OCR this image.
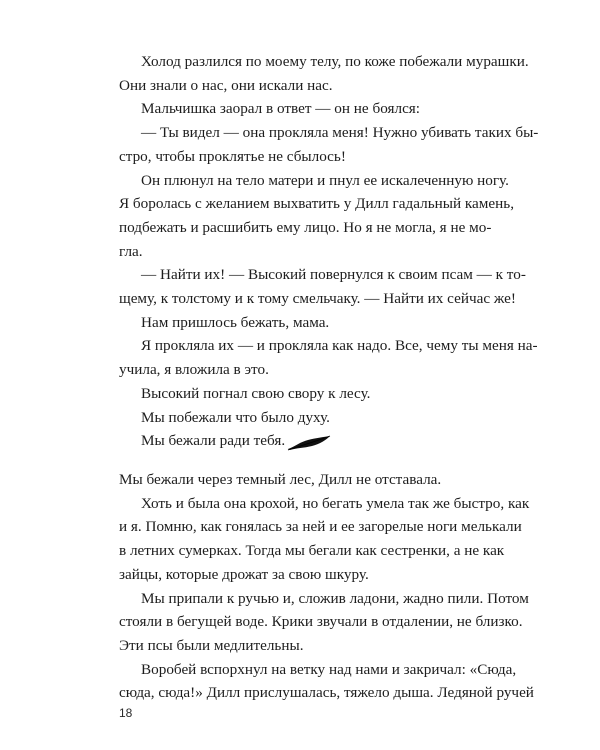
Холод разлился по моему телу, по коже побежали мурашки.
Они знали о нас, они искали нас.
Мальчишка заорал в ответ — он не боялся:
— Ты видел — она прокляла меня! Нужно убивать таких бы-
стро, чтобы проклятье не сбылось!
Он плюнул на тело матери и пнул ее искалеченную ногу.
Я боролась с желанием выхватить у Дилл гадальный камень,
подбежать и расшибить ему лицо. Но я не могла, я не мо-
гла.
— Найти их! — Высокий повернулся к своим псам — к то-
щему, к толстому и к тому смельчаку. — Найти их сейчас же!
Нам пришлось бежать, мама.
Я прокляла их — и прокляла как надо. Все, чему ты меня на-
учила, я вложила в это.
Высокий погнал свою свору к лесу.
Мы побежали что было духу.
Мы бежали ради тебя.
Мы бежали через темный лес, Дилл не отставала.
Хоть и была она крохой, но бегать умела так же быстро, как
и я. Помню, как гонялась за ней и ее загорелые ноги мелькали
в летних сумерках. Тогда мы бегали как сестренки, а не как
зайцы, которые дрожат за свою шкуру.
Мы припали к ручью и, сложив ладони, жадно пили. Потом
стояли в бегущей воде. Крики звучали в отдалении, не близко.
Эти псы были медлительны.
Воробей вспорхнул на ветку над нами и закричал: «Сюда,
сюда, сюда!» Дилл прислушалась, тяжело дыша. Ледяной ручей
18
